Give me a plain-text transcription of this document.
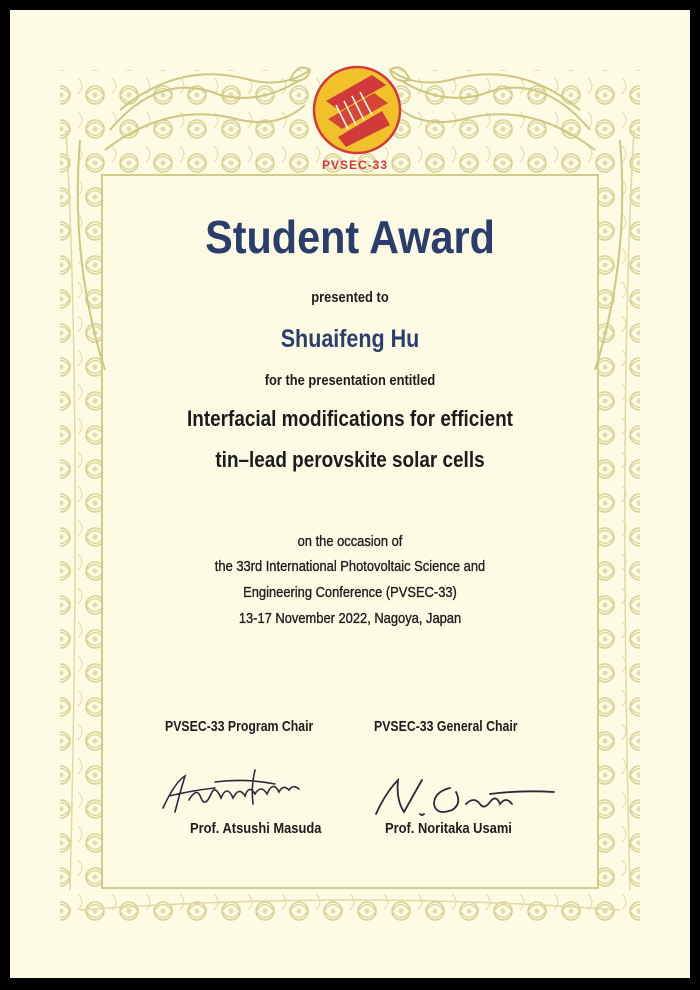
PVSEC-33
Student Award
presented to
Shuaifeng Hu
for the presentation entitled
Interfacial modifications for efficient
tin–lead perovskite solar cells
on the occasion of
the 33rd International Photovoltaic Science and
Engineering Conference (PVSEC-33)
13-17 November 2022, Nagoya, Japan
PVSEC-33 Program Chair	PVSEC-33 General Chair
Prof. Atsushi Masuda	Prof. Noritaka Usami
